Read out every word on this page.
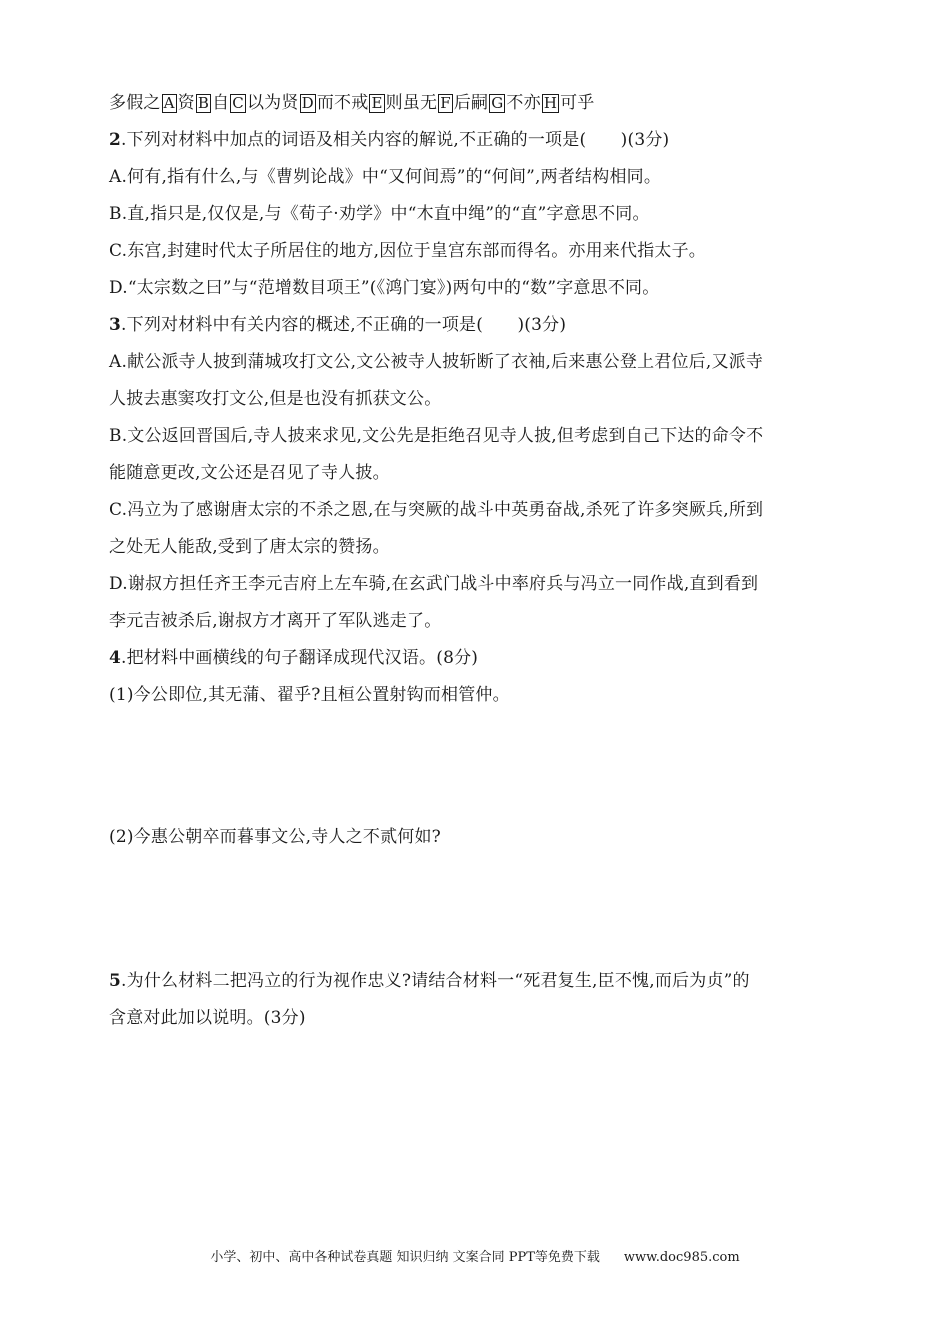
多假之 A 资 B 自 C 以为贤 D 而不戒 E 则虽无 F 后嗣 G 不亦 H 可乎
2.下列对材料中加点的词语及相关内容的解说,不正确的一项是(　　)(3分)
A.何有,指有什么,与《曹刿论战》中“又何间焉”的“何间”,两者结构相同。
B.直,指只是,仅仅是,与《荀子·劝学》中“木直中绳”的“直”字意思不同。
C.东宫,封建时代太子所居住的地方,因位于皇宫东部而得名。亦用来代指太子。
D.“太宗数之曰”与“范增数目项王”(《鸿门宴》)两句中的“数”字意思不同。
3.下列对材料中有关内容的概述,不正确的一项是(　　)(3分)
A.献公派寺人披到蒲城攻打文公,文公被寺人披斩断了衣袖,后来惠公登上君位后,又派寺
人披去惠窦攻打文公,但是也没有抓获文公。
B.文公返回晋国后,寺人披来求见,文公先是拒绝召见寺人披,但考虑到自己下达的命令不
能随意更改,文公还是召见了寺人披。
C.冯立为了感谢唐太宗的不杀之恩,在与突厥的战斗中英勇奋战,杀死了许多突厥兵,所到
之处无人能敌,受到了唐太宗的赞扬。
D.谢叔方担任齐王李元吉府上左车骑,在玄武门战斗中率府兵与冯立一同作战,直到看到
李元吉被杀后,谢叔方才离开了军队逃走了。
4.把材料中画横线的句子翻译成现代汉语。(8分)
(1)今公即位,其无蒲、翟乎?且桓公置射钩而相管仲。
(2)今惠公朝卒而暮事文公,寺人之不贰何如?
5.为什么材料二把冯立的行为视作忠义?请结合材料一“死君复生,臣不愧,而后为贞”的
含意对此加以说明。(3分)
小学、初中、高中各种试卷真题 知识归纳 文案合同 PPT等免费下载 www.doc985.com
